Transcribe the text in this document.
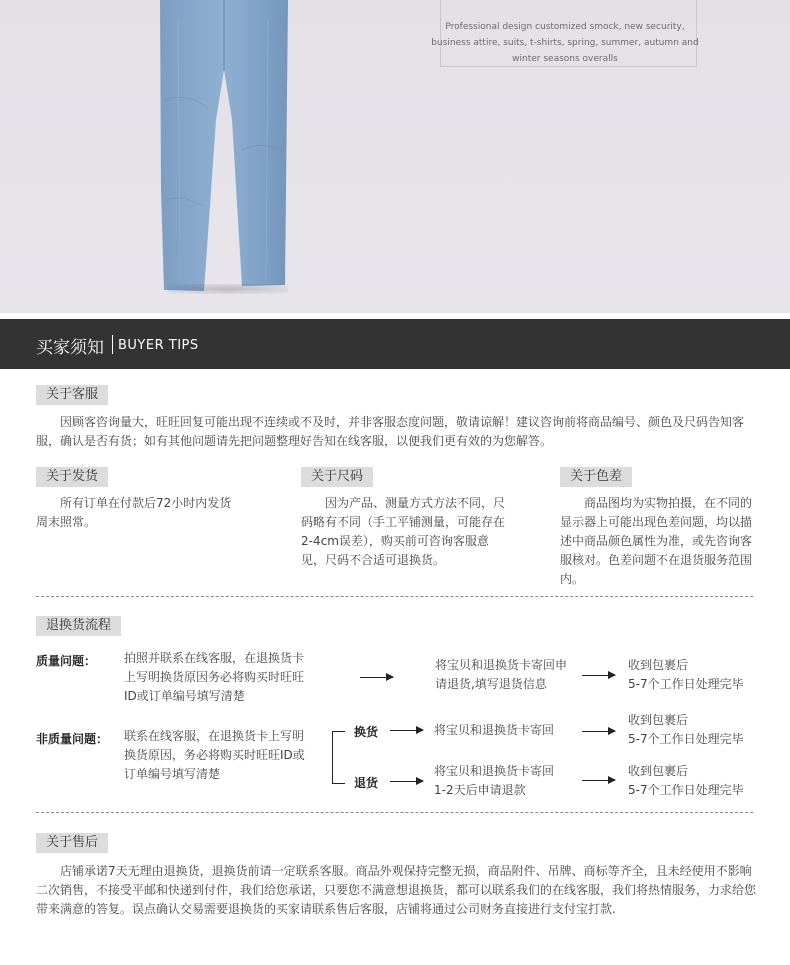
Professional design customized smock, new security,
business attire, suits, t-shirts, spring, summer, autumn and
winter seasons overalls
买家须知 BUYER TIPS
关于客服
因顾客咨询量大，旺旺回复可能出现不连续或不及时，并非客服态度问题，敬请谅解！建议咨询前将商品编号、颜色及尺码告知客服，确认是否有货；如有其他问题请先把问题整理好告知在线客服，以便我们更有效的为您解答。
关于发货
所有订单在付款后72小时内发货周末照常。
关于尺码
因为产品、测量方式方法不同，尺码略有不同（手工平铺测量，可能存在2-4cm误差），购买前可咨询客服意见，尺码不合适可退换货。
关于色差
商品图均为实物拍摄，在不同的显示器上可能出现色差问题，均以描述中商品颜色属性为准，或先咨询客服核对。色差问题不在退货服务范围内。
退换货流程
质量问题： 拍照并联系在线客服，在退换货卡上写明换货原因务必将购买时旺旺ID或订单编号填写清楚
将宝贝和退换货卡寄回申请退货,填写退货信息
收到包裹后
5-7个工作日处理完毕
非质量问题： 联系在线客服，在退换货卡上写明换货原因，务必将购买时旺旺ID或订单编号填写清楚
换货	将宝贝和退换货卡寄回
收到包裹后
5-7个工作日处理完毕
退货
将宝贝和退换货卡寄回
1-2天后申请退款
收到包裹后
5-7个工作日处理完毕
关于售后
店铺承诺7天无理由退换货，退换货前请一定联系客服。商品外观保持完整无损，商品附件、吊牌、商标等齐全，且未经使用不影响二次销售，不接受平邮和快递到付件，我们给您承诺，只要您不满意想退换货，都可以联系我们的在线客服，我们将热情服务，力求给您带来满意的答复。误点确认交易需要退换货的买家请联系售后客服，店铺将通过公司财务直接进行支付宝打款.
